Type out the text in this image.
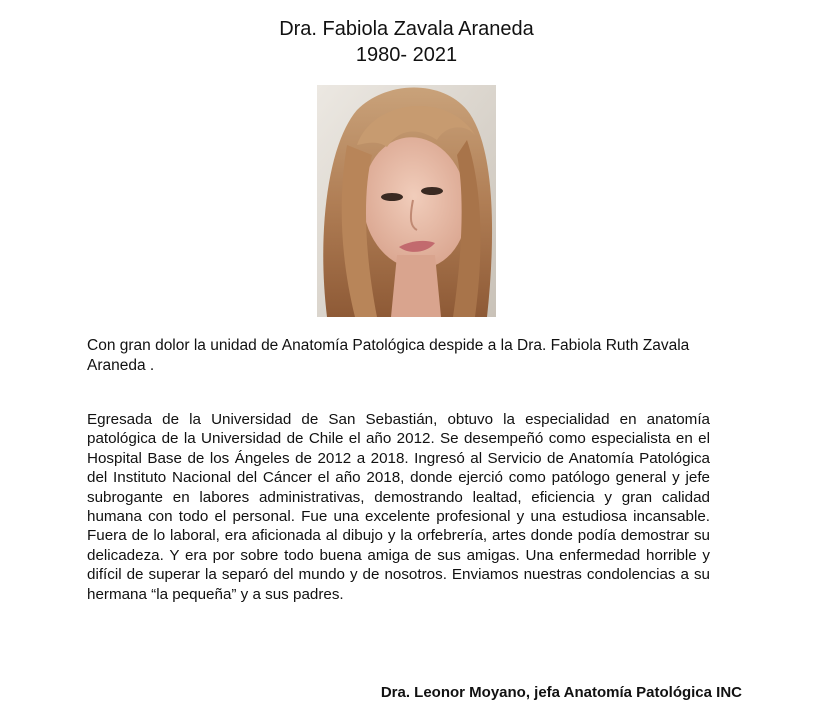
Dra. Fabiola Zavala Araneda

1980- 2021

Con gran dolor la unidad de Anatomía Patológica despide a la Dra. Fabiola Ruth Zavala Araneda .

Egresada de la Universidad de San Sebastián, obtuvo la especialidad en anatomía patológica de la Universidad de Chile el año 2012. Se desempeñó como especialista en el Hospital Base de los Ángeles de 2012 a 2018. Ingresó al Servicio de Anatomía Patológica del Instituto Nacional del Cáncer el año 2018, donde ejerció como patólogo general y jefe subrogante en labores administrativas, demostrando lealtad, eficiencia y gran calidad humana con todo el personal. Fue una excelente profesional y una estudiosa incansable. Fuera de lo laboral, era aficionada al dibujo y la orfebrería, artes donde podía demostrar su delicadeza. Y era por sobre todo buena amiga de sus amigas. Una enfermedad horrible y difícil de superar la separó del mundo y de nosotros. Enviamos nuestras condolencias a su hermana “la pequeña” y a sus padres.

Dra. Leonor Moyano, jefa Anatomía Patológica INC
